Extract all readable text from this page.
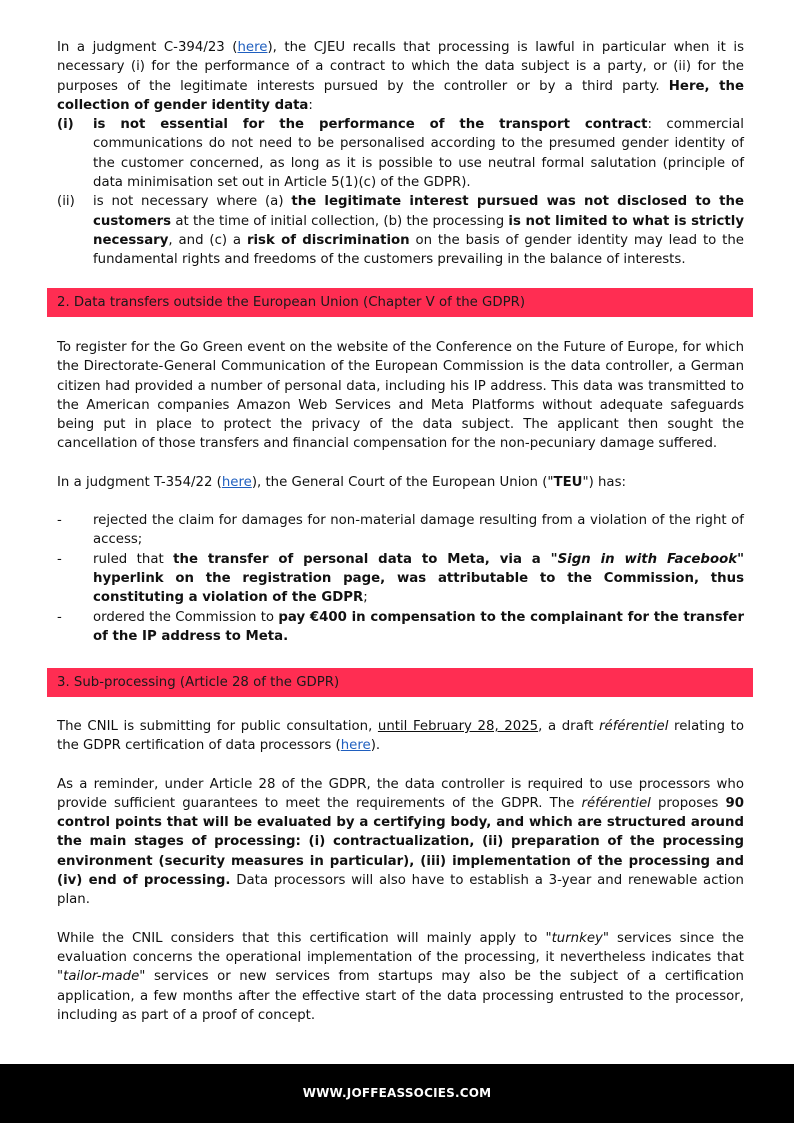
In a judgment C-394/23 (here), the CJEU recalls that processing is lawful in particular when it is necessary (i) for the performance of a contract to which the data subject is a party, or (ii) for the purposes of the legitimate interests pursued by the controller or by a third party. Here, the collection of gender identity data:

(i) is not essential for the performance of the transport contract: commercial communications do not need to be personalised according to the presumed gender identity of the customer concerned, as long as it is possible to use neutral formal salutation (principle of data minimisation set out in Article 5(1)(c) of the GDPR).
(ii) is not necessary where (a) the legitimate interest pursued was not disclosed to the customers at the time of initial collection, (b) the processing is not limited to what is strictly necessary, and (c) a risk of discrimination on the basis of gender identity may lead to the fundamental rights and freedoms of the customers prevailing in the balance of interests.
2. Data transfers outside the European Union (Chapter V of the GDPR)

To register for the Go Green event on the website of the Conference on the Future of Europe, for which the Directorate-General Communication of the European Commission is the data controller, a German citizen had provided a number of personal data, including his IP address. This data was transmitted to the American companies Amazon Web Services and Meta Platforms without adequate safeguards being put in place to protect the privacy of the data subject. The applicant then sought the cancellation of those transfers and financial compensation for the non-pecuniary damage suffered.

In a judgment T-354/22 (here), the General Court of the European Union ("TEU") has:

- rejected the claim for damages for non-material damage resulting from a violation of the right of access;
- ruled that the transfer of personal data to Meta, via a "Sign in with Facebook" hyperlink on the registration page, was attributable to the Commission, thus constituting a violation of the GDPR;
- ordered the Commission to pay €400 in compensation to the complainant for the transfer of the IP address to Meta.
3. Sub-processing (Article 28 of the GDPR)

The CNIL is submitting for public consultation, until February 28, 2025, a draft référentiel relating to the GDPR certification of data processors (here).

As a reminder, under Article 28 of the GDPR, the data controller is required to use processors who provide sufficient guarantees to meet the requirements of the GDPR. The référentiel proposes 90 control points that will be evaluated by a certifying body, and which are structured around the main stages of processing: (i) contractualization, (ii) preparation of the processing environment (security measures in particular), (iii) implementation of the processing and (iv) end of processing. Data processors will also have to establish a 3-year and renewable action plan.

While the CNIL considers that this certification will mainly apply to "turnkey" services since the evaluation concerns the operational implementation of the processing, it nevertheless indicates that "tailor-made" services or new services from startups may also be the subject of a certification application, a few months after the effective start of the data processing entrusted to the processor, including as part of a proof of concept.

WWW.JOFFEASSOCIES.COM
